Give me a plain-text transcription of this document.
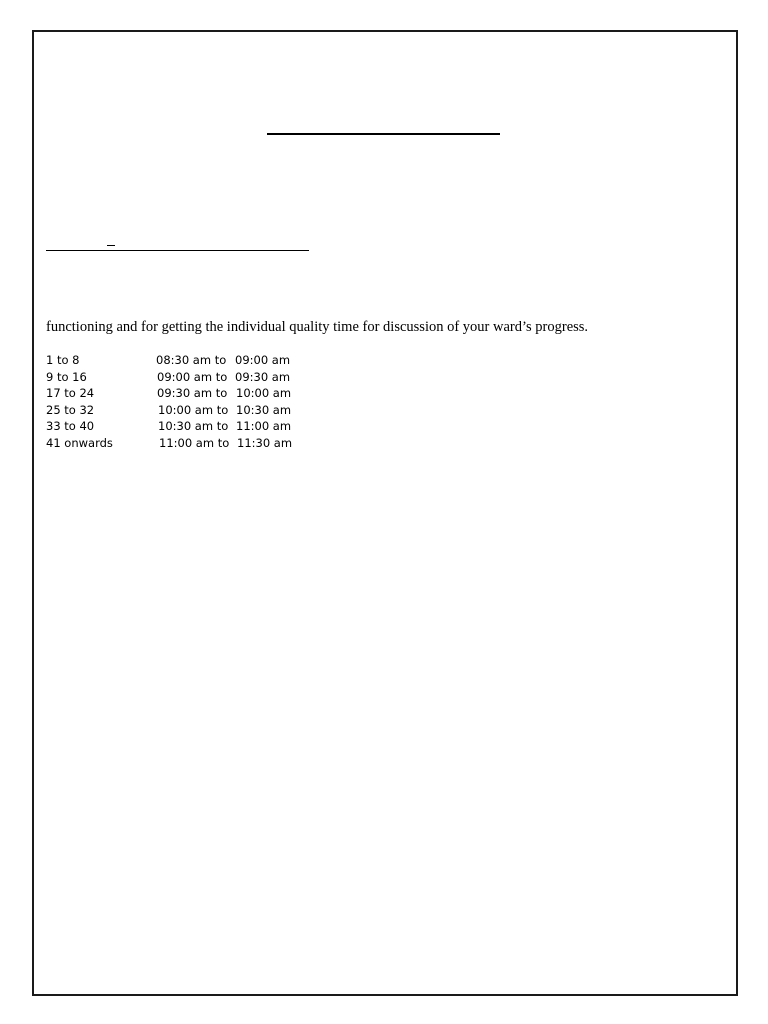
functioning and for getting the individual quality time for discussion of your ward’s progress.
1 to 8	08:30 am to 09:00 am
9 to 16	09:00 am to 09:30 am
17 to 24	09:30 am to 10:00 am
25 to 32	10:00 am to 10:30 am
33 to 40	10:30 am to 11:00 am
41 onwards	11:00 am to 11:30 am
